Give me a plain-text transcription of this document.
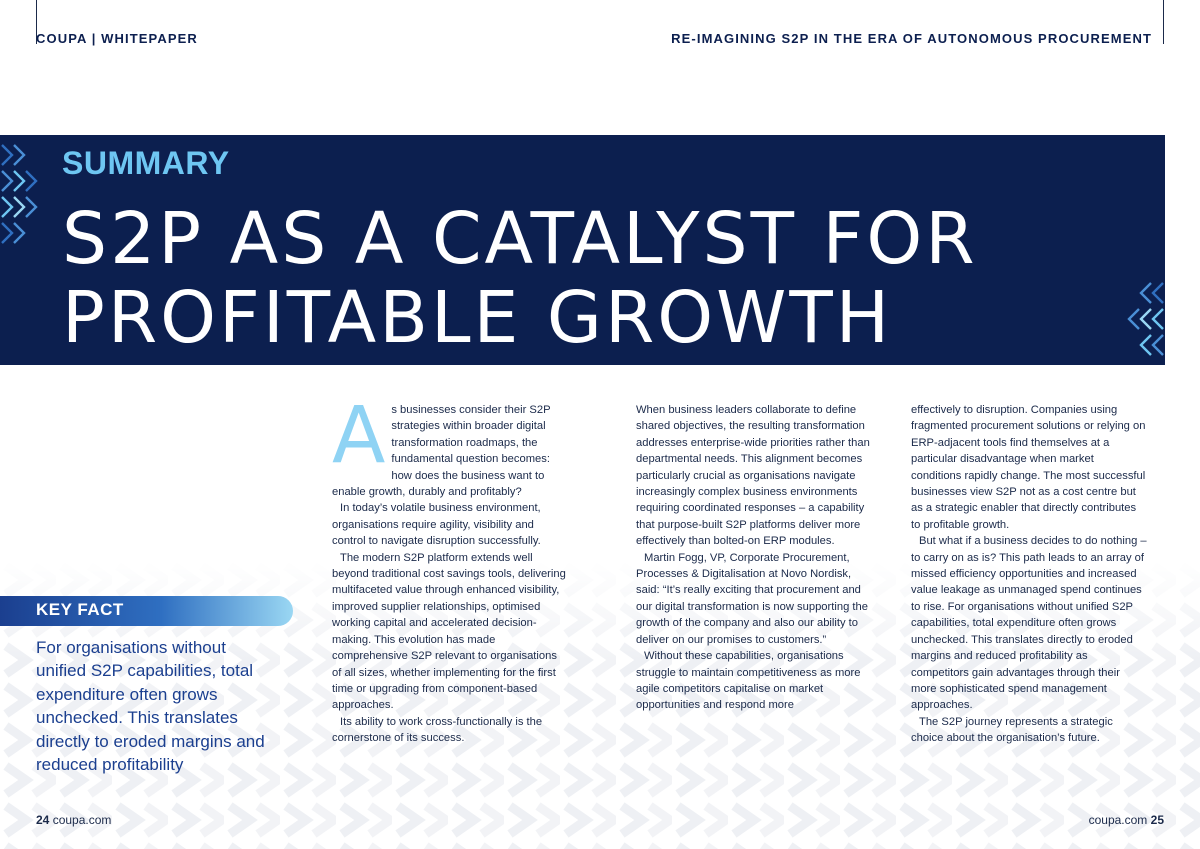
COUPA | WHITEPAPER	RE-IMAGINING S2P IN THE ERA OF AUTONOMOUS PROCUREMENT
SUMMARY
S2P AS A CATALYST FOR
PROFITABLE GROWTH
KEY FACT
For organisations without unified S2P capabilities, total expenditure often grows unchecked. This translates directly to eroded margins and reduced profitability
A s businesses consider their S2P strategies within broader digital transformation roadmaps, the fundamental question becomes: how does the business want to enable growth, durably and profitably?

In today’s volatile business environment, organisations require agility, visibility and control to navigate disruption successfully.

The modern S2P platform extends well beyond traditional cost savings tools, delivering multifaceted value through enhanced visibility, improved supplier relationships, optimised working capital and accelerated decision-making. This evolution has made comprehensive S2P relevant to organisations of all sizes, whether implementing for the first time or upgrading from component-based approaches.

Its ability to work cross-functionally is the cornerstone of its success.

When business leaders collaborate to define shared objectives, the resulting transformation addresses enterprise-wide priorities rather than departmental needs. This alignment becomes particularly crucial as organisations navigate increasingly complex business environments requiring coordinated responses – a capability that purpose-built S2P platforms deliver more effectively than bolted-on ERP modules.

Martin Fogg, VP, Corporate Procurement, Processes & Digitalisation at Novo Nordisk, said: “It’s really exciting that procurement and our digital transformation is now supporting the growth of the company and also our ability to deliver on our promises to customers.”

Without these capabilities, organisations struggle to maintain competitiveness as more agile competitors capitalise on market opportunities and respond more

effectively to disruption. Companies using fragmented procurement solutions or relying on ERP-adjacent tools find themselves at a particular disadvantage when market conditions rapidly change. The most successful businesses view S2P not as a cost centre but as a strategic enabler that directly contributes to profitable growth.

But what if a business decides to do nothing – to carry on as is? This path leads to an array of missed efficiency opportunities and increased value leakage as unmanaged spend continues to rise. For organisations without unified S2P capabilities, total expenditure often grows unchecked. This translates directly to eroded margins and reduced profitability as competitors gain advantages through their more sophisticated spend management approaches.

The S2P journey represents a strategic choice about the organisation’s future.

24 coupa.com	coupa.com 25
